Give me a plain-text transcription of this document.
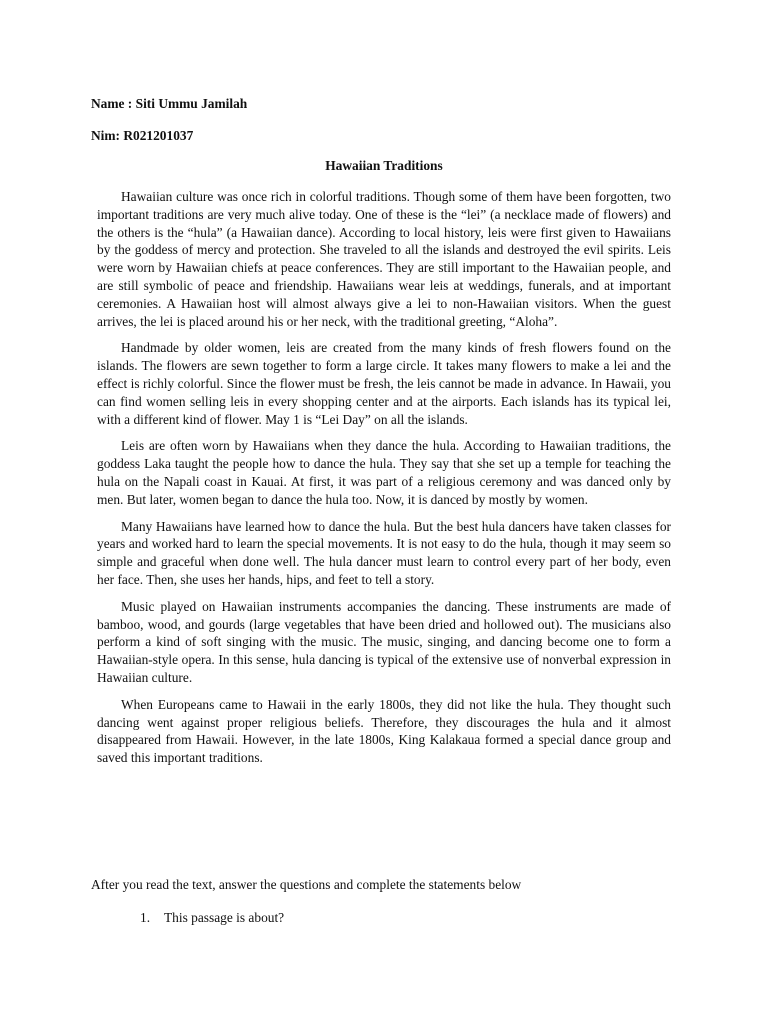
Name : Siti Ummu Jamilah

Nim: R021201037

Hawaiian Traditions

Hawaiian culture was once rich in colorful traditions. Though some of them have been forgotten, two important traditions are very much alive today. One of these is the “lei” (a necklace made of flowers) and the others is the “hula” (a Hawaiian dance). According to local history, leis were first given to Hawaiians by the goddess of mercy and protection. She traveled to all the islands and destroyed the evil spirits. Leis were worn by Hawaiian chiefs at peace conferences. They are still important to the Hawaiian people, and are still symbolic of peace and friendship. Hawaiians wear leis at weddings, funerals, and at important ceremonies. A Hawaiian host will almost always give a lei to non-Hawaiian visitors. When the guest arrives, the lei is placed around his or her neck, with the traditional greeting, “Aloha”.

Handmade by older women, leis are created from the many kinds of fresh flowers found on the islands. The flowers are sewn together to form a large circle. It takes many flowers to make a lei and the effect is richly colorful. Since the flower must be fresh, the leis cannot be made in advance. In Hawaii, you can find women selling leis in every shopping center and at the airports. Each islands has its typical lei, with a different kind of flower. May 1 is “Lei Day” on all the islands.

Leis are often worn by Hawaiians when they dance the hula. According to Hawaiian traditions, the goddess Laka taught the people how to dance the hula. They say that she set up a temple for teaching the hula on the Napali coast in Kauai. At first, it was part of a religious ceremony and was danced only by men. But later, women began to dance the hula too. Now, it is danced by mostly by women.

Many Hawaiians have learned how to dance the hula. But the best hula dancers have taken classes for years and worked hard to learn the special movements. It is not easy to do the hula, though it may seem so simple and graceful when done well. The hula dancer must learn to control every part of her body, even her face. Then, she uses her hands, hips, and feet to tell a story.

Music played on Hawaiian instruments accompanies the dancing. These instruments are made of bamboo, wood, and gourds (large vegetables that have been dried and hollowed out). The musicians also perform a kind of soft singing with the music. The music, singing, and dancing become one to form a Hawaiian-style opera. In this sense, hula dancing is typical of the extensive use of nonverbal expression in Hawaiian culture.

When Europeans came to Hawaii in the early 1800s, they did not like the hula. They thought such dancing went against proper religious beliefs. Therefore, they discourages the hula and it almost disappeared from Hawaii. However, in the late 1800s, King Kalakaua formed a special dance group and saved this important traditions.

After you read the text, answer the questions and complete the statements below

1. This passage is about?
